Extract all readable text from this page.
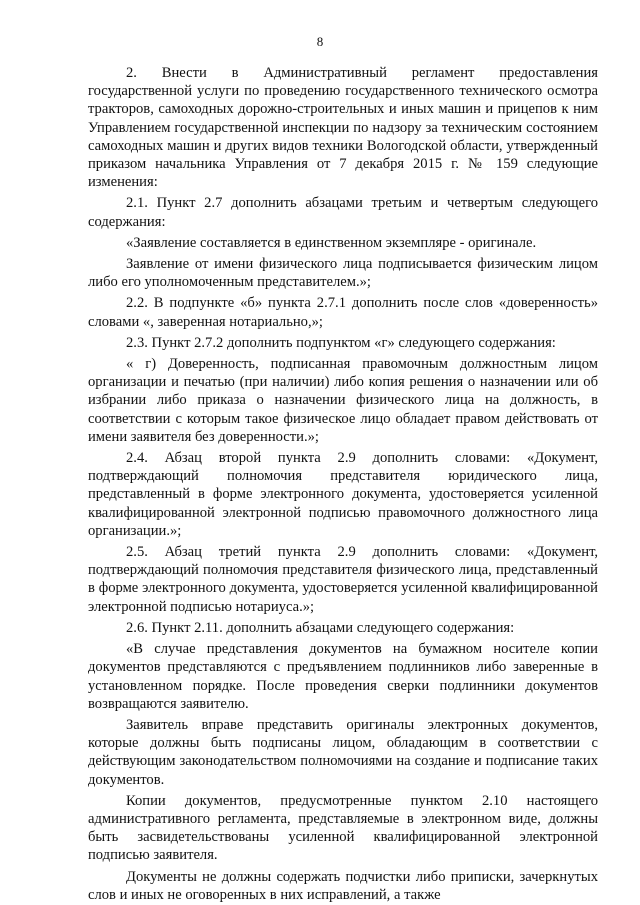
8

2. Внести в Административный регламент предоставления государственной услуги по проведению государственного технического осмотра тракторов, самоходных дорожно-строительных и иных машин и прицепов к ним Управлением государственной инспекции по надзору за техническим состоянием самоходных машин и других видов техники Вологодской области, утвержденный приказом начальника Управления от 7 декабря 2015 г. № 159 следующие изменения:

2.1. Пункт 2.7 дополнить абзацами третьим и четвертым следующего содержания:

«Заявление составляется в единственном экземпляре - оригинале.

Заявление от имени физического лица подписывается физическим лицом либо его уполномоченным представителем.»;

2.2. В подпункте «б» пункта 2.7.1 дополнить после слов «доверенность» словами «, заверенная нотариально,»;

2.3. Пункт 2.7.2 дополнить подпунктом «г» следующего содержания:

« г) Доверенность, подписанная правомочным должностным лицом организации и печатью (при наличии) либо копия решения о назначении или об избрании либо приказа о назначении физического лица на должность, в соответствии с которым такое физическое лицо обладает правом действовать от имени заявителя без доверенности.»;

2.4. Абзац второй пункта 2.9 дополнить словами: «Документ, подтверждающий полномочия представителя юридического лица, представленный в форме электронного документа, удостоверяется усиленной квалифицированной электронной подписью правомочного должностного лица организации.»;

2.5. Абзац третий пункта 2.9 дополнить словами: «Документ, подтверждающий полномочия представителя физического лица, представленный в форме электронного документа, удостоверяется усиленной квалифицированной электронной подписью нотариуса.»;

2.6. Пункт 2.11. дополнить абзацами следующего содержания:

«В случае представления документов на бумажном носителе копии документов представляются с предъявлением подлинников либо заверенные в установленном порядке. После проведения сверки подлинники документов возвращаются заявителю.

Заявитель вправе представить оригиналы электронных документов, которые должны быть подписаны лицом, обладающим в соответствии с действующим законодательством полномочиями на создание и подписание таких документов.

Копии документов, предусмотренные пунктом 2.10 настоящего административного регламента, представляемые в электронном виде, должны быть засвидетельствованы усиленной квалифицированной электронной подписью заявителя.

Документы не должны содержать подчистки либо приписки, зачеркнутых слов и иных не оговоренных в них исправлений, а также
